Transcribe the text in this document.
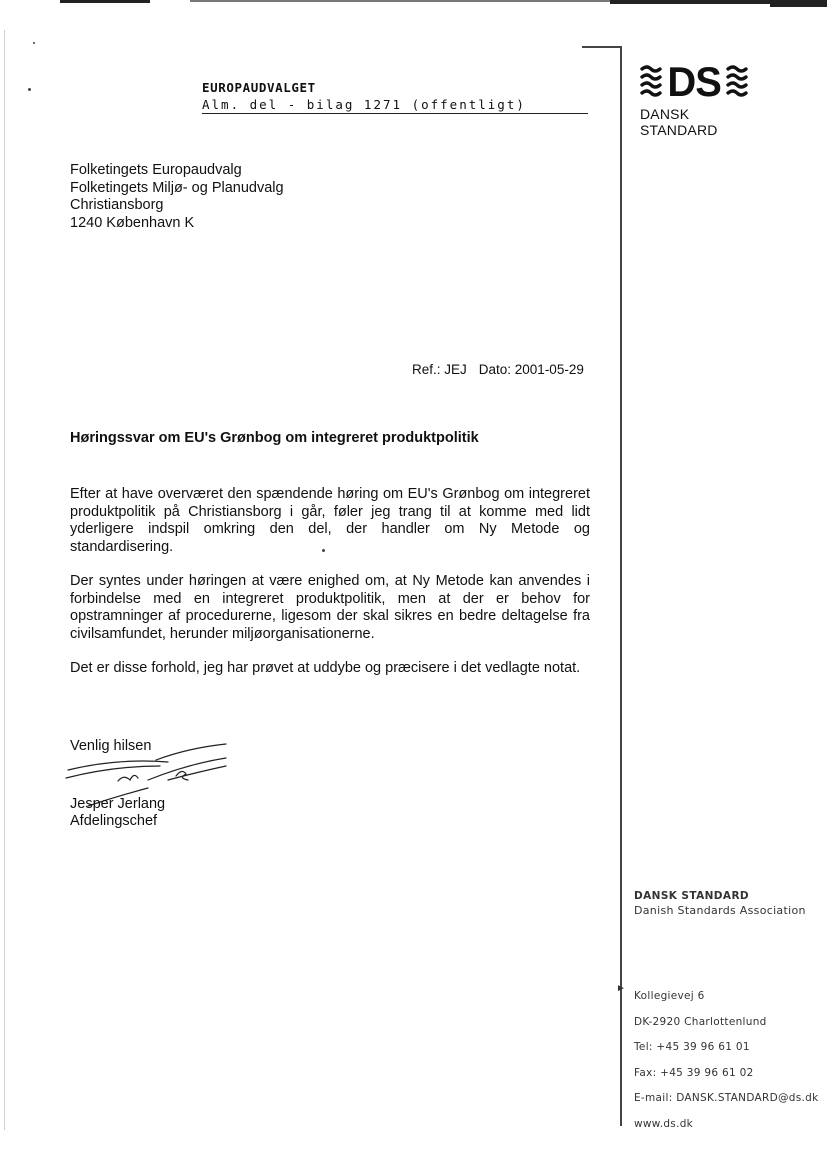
EUROPAUDVALGET
Alm. del - bilag 1271 (offentligt)	DS
DANSK STANDARD
Folketingets Europaudvalg
Folketingets Miljø- og Planudvalg
Christiansborg
1240 København K
Ref.: JEJ Dato: 2001-05-29
Høringssvar om EU's Grønbog om integreret produktpolitik

Efter at have overværet den spændende høring om EU's Grønbog om integreret produktpolitik på Christiansborg i går, føler jeg trang til at komme med lidt yderligere indspil omkring den del, der handler om Ny Metode og standardisering.

Der syntes under høringen at være enighed om, at Ny Metode kan anvendes i forbindelse med en integreret produktpolitik, men at der er behov for opstramninger af procedurerne, ligesom der skal sikres en bedre deltagelse fra civilsamfundet, herunder miljøorganisationerne.

Det er disse forhold, jeg har prøvet at uddybe og præcisere i det vedlagte notat.

Venlig hilsen
Jesper Jerlang
Afdelingschef
►
DANSK STANDARD
Danish Standards Association
Kollegievej 6
DK-2920 Charlottenlund
Tel: +45 39 96 61 01
Fax: +45 39 96 61 02
E-mail: DANSK.STANDARD@ds.dk
www.ds.dk
